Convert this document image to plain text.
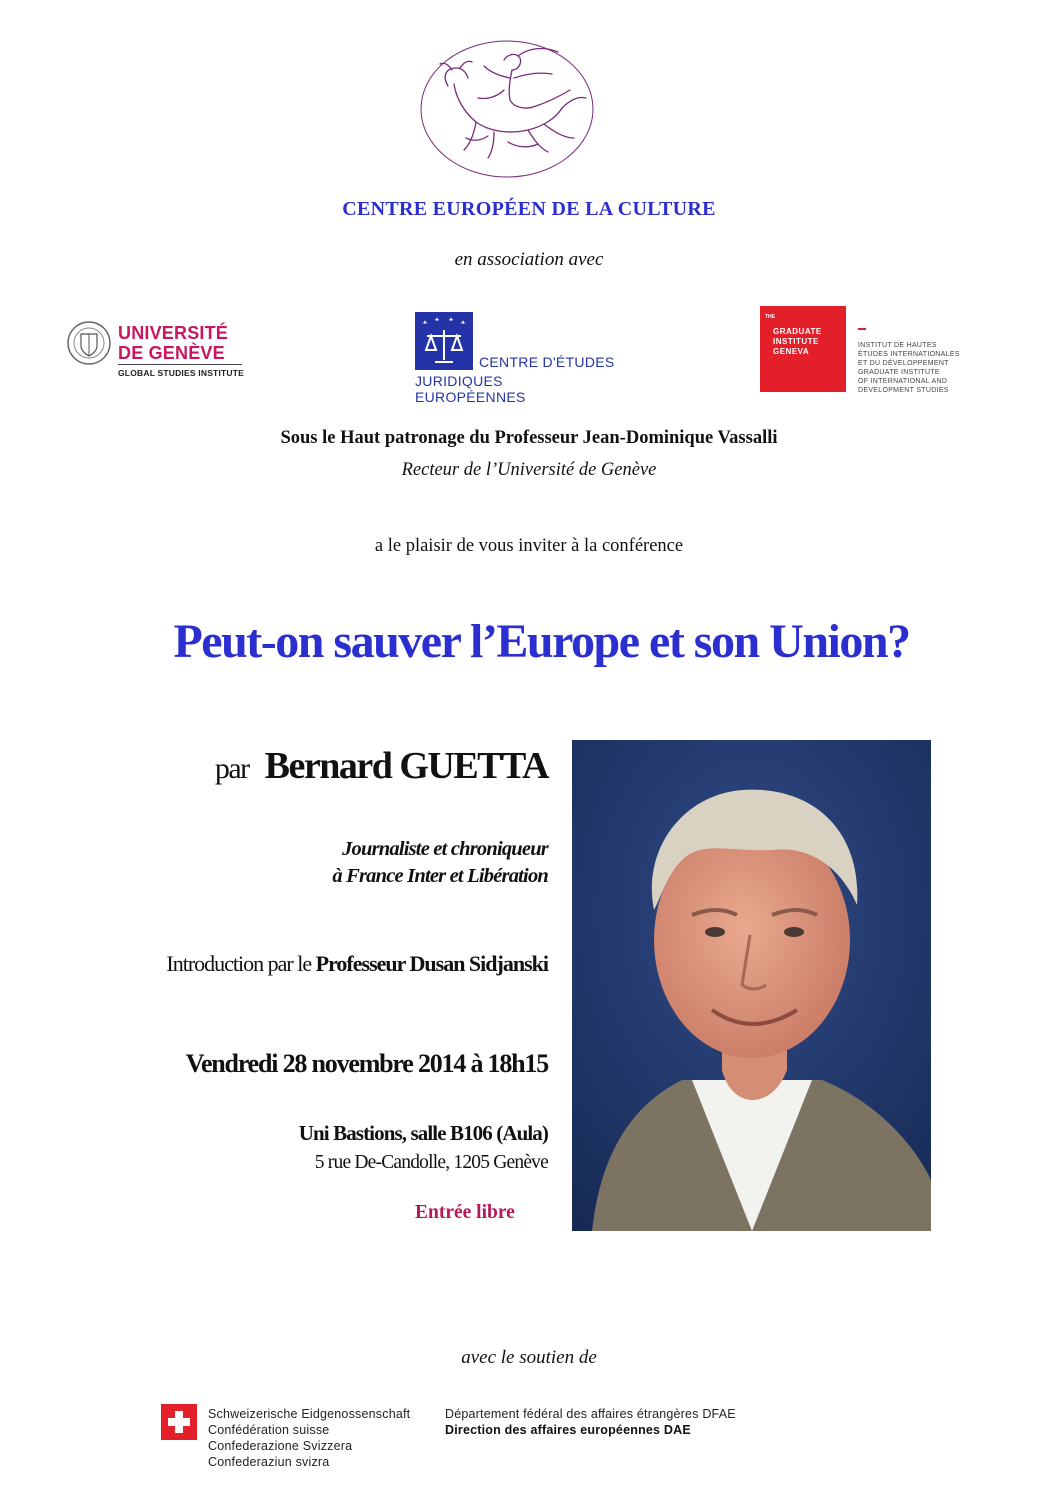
CENTRE EUROPÉEN DE LA CULTURE
en association avec
UNIVERSITÉ
DE GENÈVE
GLOBAL STUDIES INSTITUTE
CENTRE D'ÉTUDES
JURIDIQUES EUROPÉENNES
THE
GRADUATE
INSTITUTE
GENEVA
INSTITUT DE HAUTES
ÉTUDES INTERNATIONALES
ET DU DÉVELOPPEMENT
GRADUATE INSTITUTE
OF INTERNATIONAL AND
DEVELOPMENT STUDIES
Sous le Haut patronage du Professeur Jean-Dominique Vassalli
Recteur de l’Université de Genève
a le plaisir de vous inviter à la conférence
Peut-on sauver l’Europe et son Union?
par Bernard GUETTA
Journaliste et chroniqueur
à France Inter et Libération
Introduction par le Professeur Dusan Sidjanski
Vendredi 28 novembre 2014 à 18h15
Uni Bastions, salle B106 (Aula)
5 rue De-Candolle, 1205 Genève
Entrée libre
avec le soutien de
Schweizerische Eidgenossenschaft
Confédération suisse
Confederazione Svizzera
Confederaziun svizra
Département fédéral des affaires étrangères DFAE
Direction des affaires européennes DAE
